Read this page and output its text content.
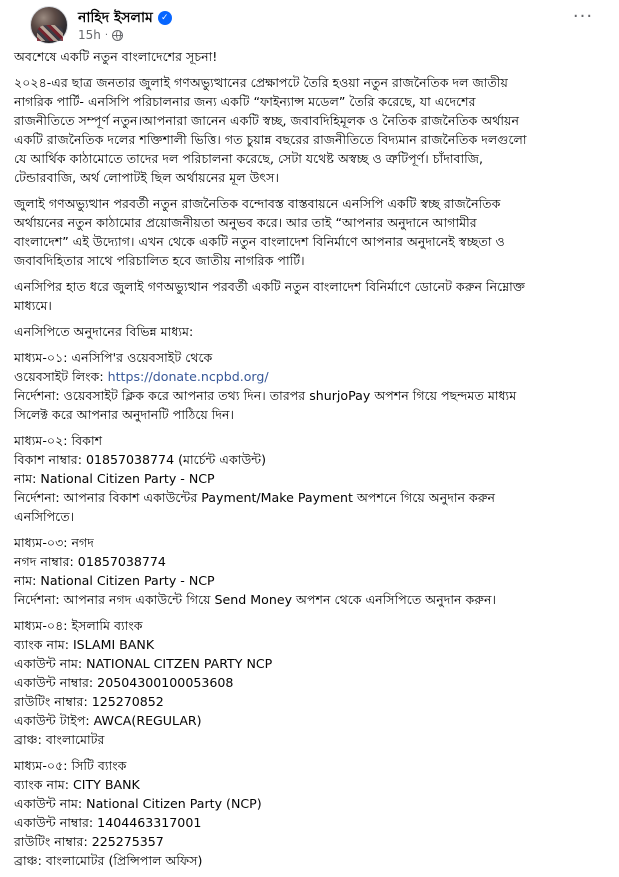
নাহিদ ইসলাম ✓
15h ·
···
অবশেষে একটি নতুন বাংলাদেশের সূচনা!
২০২৪-এর ছাত্র জনতার জুলাই গণঅভ্যুত্থানের প্রেক্ষাপটে তৈরি হওয়া নতুন রাজনৈতিক দল জাতীয়
নাগরিক পার্টি- এনসিপি পরিচালনার জন্য একটি “ফাইন্যান্স মডেল” তৈরি করেছে, যা এদেশের
রাজনীতিতে সম্পূর্ণ নতুন।আপনারা জানেন একটি স্বচ্ছ, জবাবদিহিমূলক ও নৈতিক রাজনৈতিক অর্থায়ন
একটি রাজনৈতিক দলের শক্তিশালী ভিত্তি। গত চুয়ান্ন বছরের রাজনীতিতে বিদ্যমান রাজনৈতিক দলগুলো
যে আর্থিক কাঠামোতে তাদের দল পরিচালনা করেছে, সেটা যথেষ্ট অস্বচ্ছ ও ত্রুটিপূর্ণ। চাঁদাবাজি,
টেন্ডারবাজি, অর্থ লোপাটই ছিল অর্থায়নের মূল উৎস।
জুলাই গণঅভ্যুত্থান পরবর্তী নতুন রাজনৈতিক বন্দোবস্ত বাস্তবায়নে এনসিপি একটি স্বচ্ছ রাজনৈতিক
অর্থায়নের নতুন কাঠামোর প্রয়োজনীয়তা অনুভব করে। আর তাই “আপনার অনুদানে আগামীর
বাংলাদেশ” এই উদ্যোগ। এখন থেকে একটি নতুন বাংলাদেশ বিনির্মাণে আপনার অনুদানেই স্বচ্ছতা ও
জবাবদিহিতার সাথে পরিচালিত হবে জাতীয় নাগরিক পার্টি।
এনসিপির হাত ধরে জুলাই গণঅভ্যুত্থান পরবর্তী একটি নতুন বাংলাদেশ বিনির্মাণে ডোনেট করুন নিম্নোক্ত
মাধ্যমে।
এনসিপিতে অনুদানের বিভিন্ন মাধ্যম:
মাধ্যম-০১: এনসিপি'র ওয়েবসাইট থেকে
ওয়েবসাইট লিংক: https://donate.ncpbd.org/
নির্দেশনা: ওয়েবসাইট ক্লিক করে আপনার তথ্য দিন। তারপর shurjoPay অপশন গিয়ে পছন্দমত মাধ্যম
সিলেক্ট করে আপনার অনুদানটি পাঠিয়ে দিন।
মাধ্যম-০২: বিকাশ
বিকাশ নাম্বার: 01857038774 (মার্চেন্ট একাউন্ট)
নাম: National Citizen Party - NCP
নির্দেশনা: আপনার বিকাশ একাউন্টের Payment/Make Payment অপশনে গিয়ে অনুদান করুন
এনসিপিতে।
মাধ্যম-০৩: নগদ
নগদ নাম্বার: 01857038774
নাম: National Citizen Party - NCP
নির্দেশনা: আপনার নগদ একাউন্টে গিয়ে Send Money অপশন থেকে এনসিপিতে অনুদান করুন।
মাধ্যম-০৪: ইসলামি ব্যাংক
ব্যাংক নাম: ISLAMI BANK
একাউন্ট নাম: NATIONAL CITZEN PARTY NCP
একাউন্ট নাম্বার: 20504300100053608
রাউটিং নাম্বার: 125270852
একাউন্ট টাইপ: AWCA(REGULAR)
ব্রাঞ্চ: বাংলামোটর
মাধ্যম-০৫: সিটি ব্যাংক
ব্যাংক নাম: CITY BANK
একাউন্ট নাম: National Citizen Party (NCP)
একাউন্ট নাম্বার: 1404463317001
রাউটিং নাম্বার: 225275357
ব্রাঞ্চ: বাংলামোটর (প্রিন্সিপাল অফিস)
